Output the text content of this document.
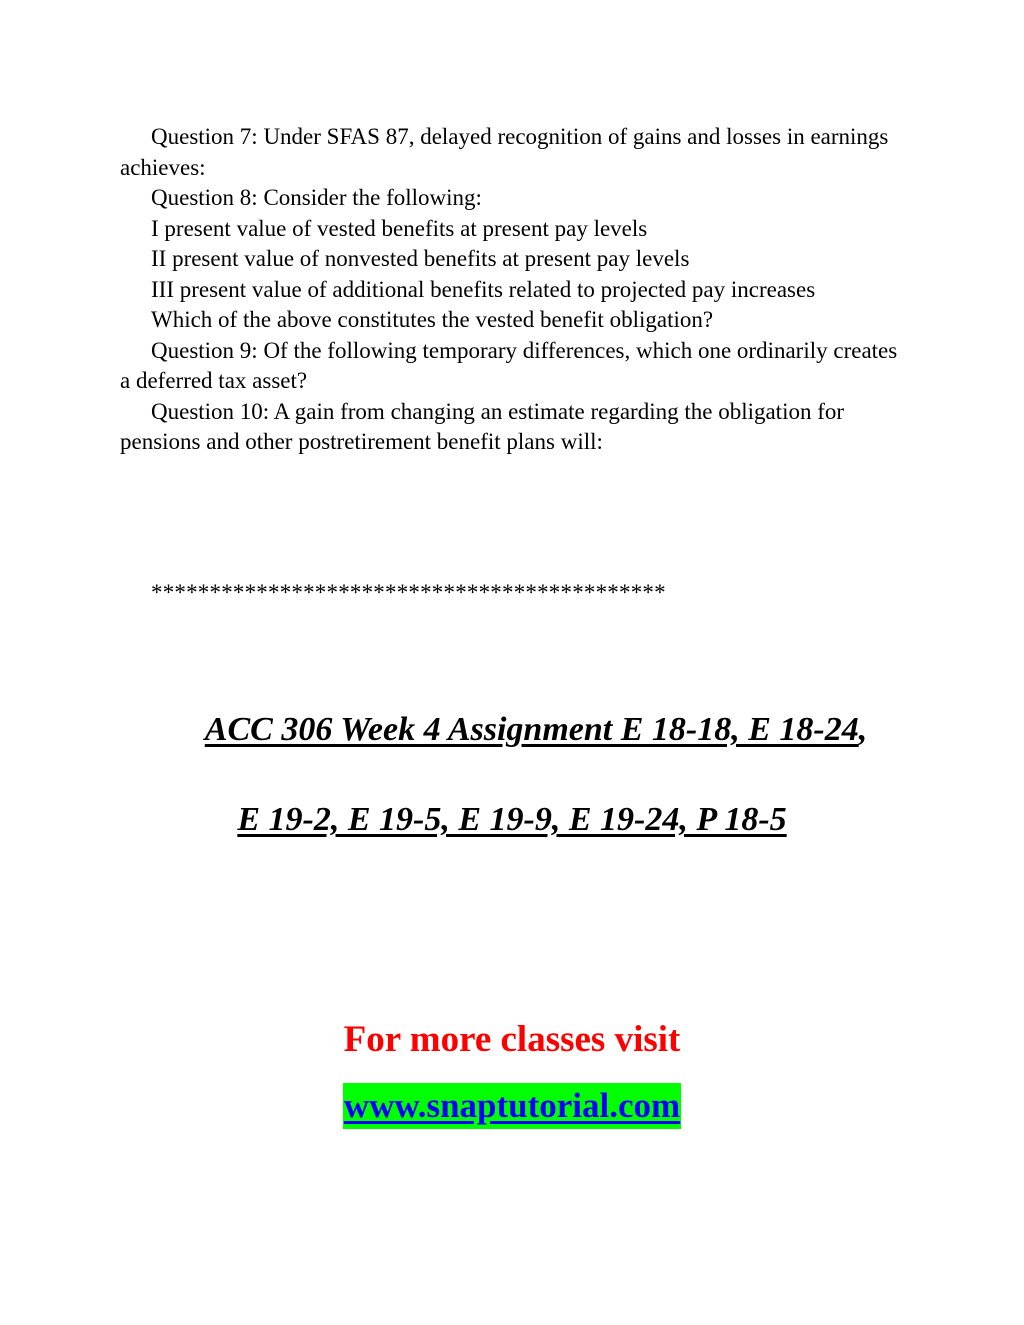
Question 7: Under SFAS 87, delayed recognition of gains and losses in earnings achieves:

Question 8: Consider the following:

I present value of vested benefits at present pay levels

II present value of nonvested benefits at present pay levels

III present value of additional benefits related to projected pay increases

Which of the above constitutes the vested benefit obligation?

Question 9: Of the following temporary differences, which one ordinarily creates a deferred tax asset?

Question 10: A gain from changing an estimate regarding the obligation for pensions and other postretirement benefit plans will:

********************************************
ACC 306 Week 4 Assignment E 18-18, E 18-24,
E 19-2, E 19-5, E 19-9, E 19-24, P 18-5
For more classes visit
www.snaptutorial.com
